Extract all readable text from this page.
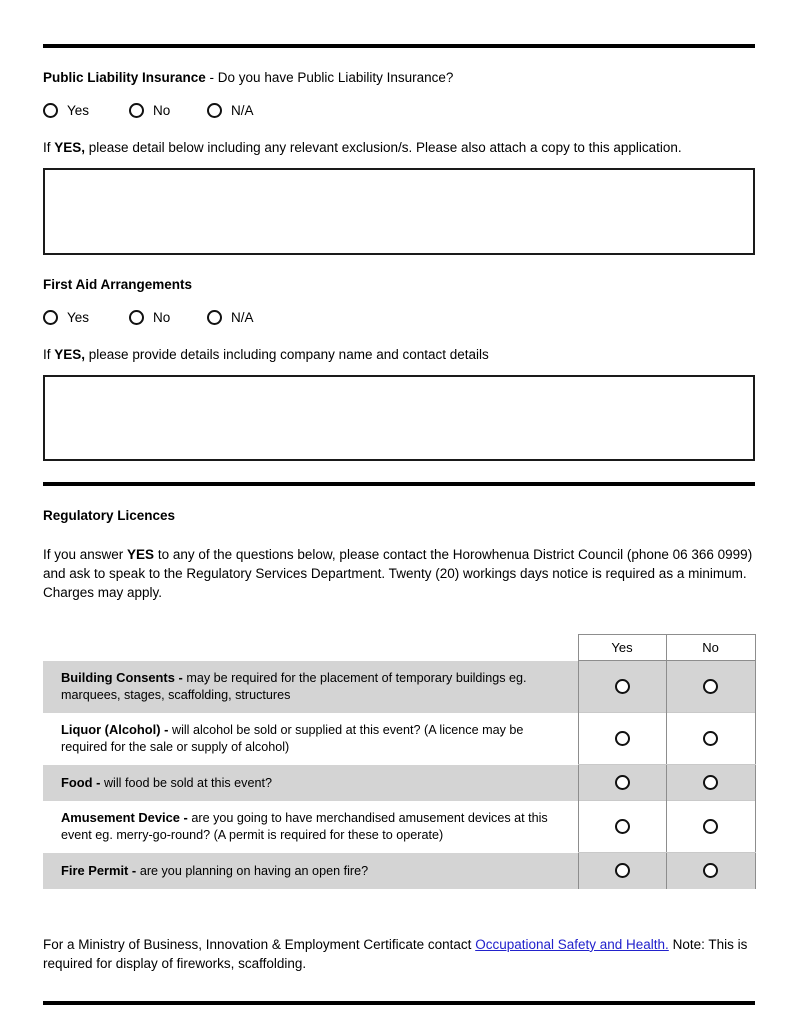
Public Liability Insurance - Do you have Public Liability Insurance?
Yes	No	N/A

If YES, please detail below including any relevant exclusion/s. Please also attach a copy to this application.

First Aid Arrangements
Yes	No	N/A

If YES, please provide details including company name and contact details

Regulatory Licences

If you answer YES to any of the questions below, please contact the Horowhenua District Council (phone 06 366 0999) and ask to speak to the Regulatory Services Department. Twenty (20) workings days notice is required as a minimum. Charges may apply.

	Yes	No
Building Consents - may be required for the placement of temporary buildings eg. marquees, stages, scaffolding, structures		
Liquor (Alcohol) - will alcohol be sold or supplied at this event? (A licence may be required for the sale or supply of alcohol)		
Food - will food be sold at this event?		
Amusement Device - are you going to have merchandised amusement devices at this event eg. merry-go-round? (A permit is required for these to operate)		
Fire Permit - are you planning on having an open fire?		

For a Ministry of Business, Innovation & Employment Certificate contact Occupational Safety and Health. Note: This is required for display of fireworks, scaffolding.
